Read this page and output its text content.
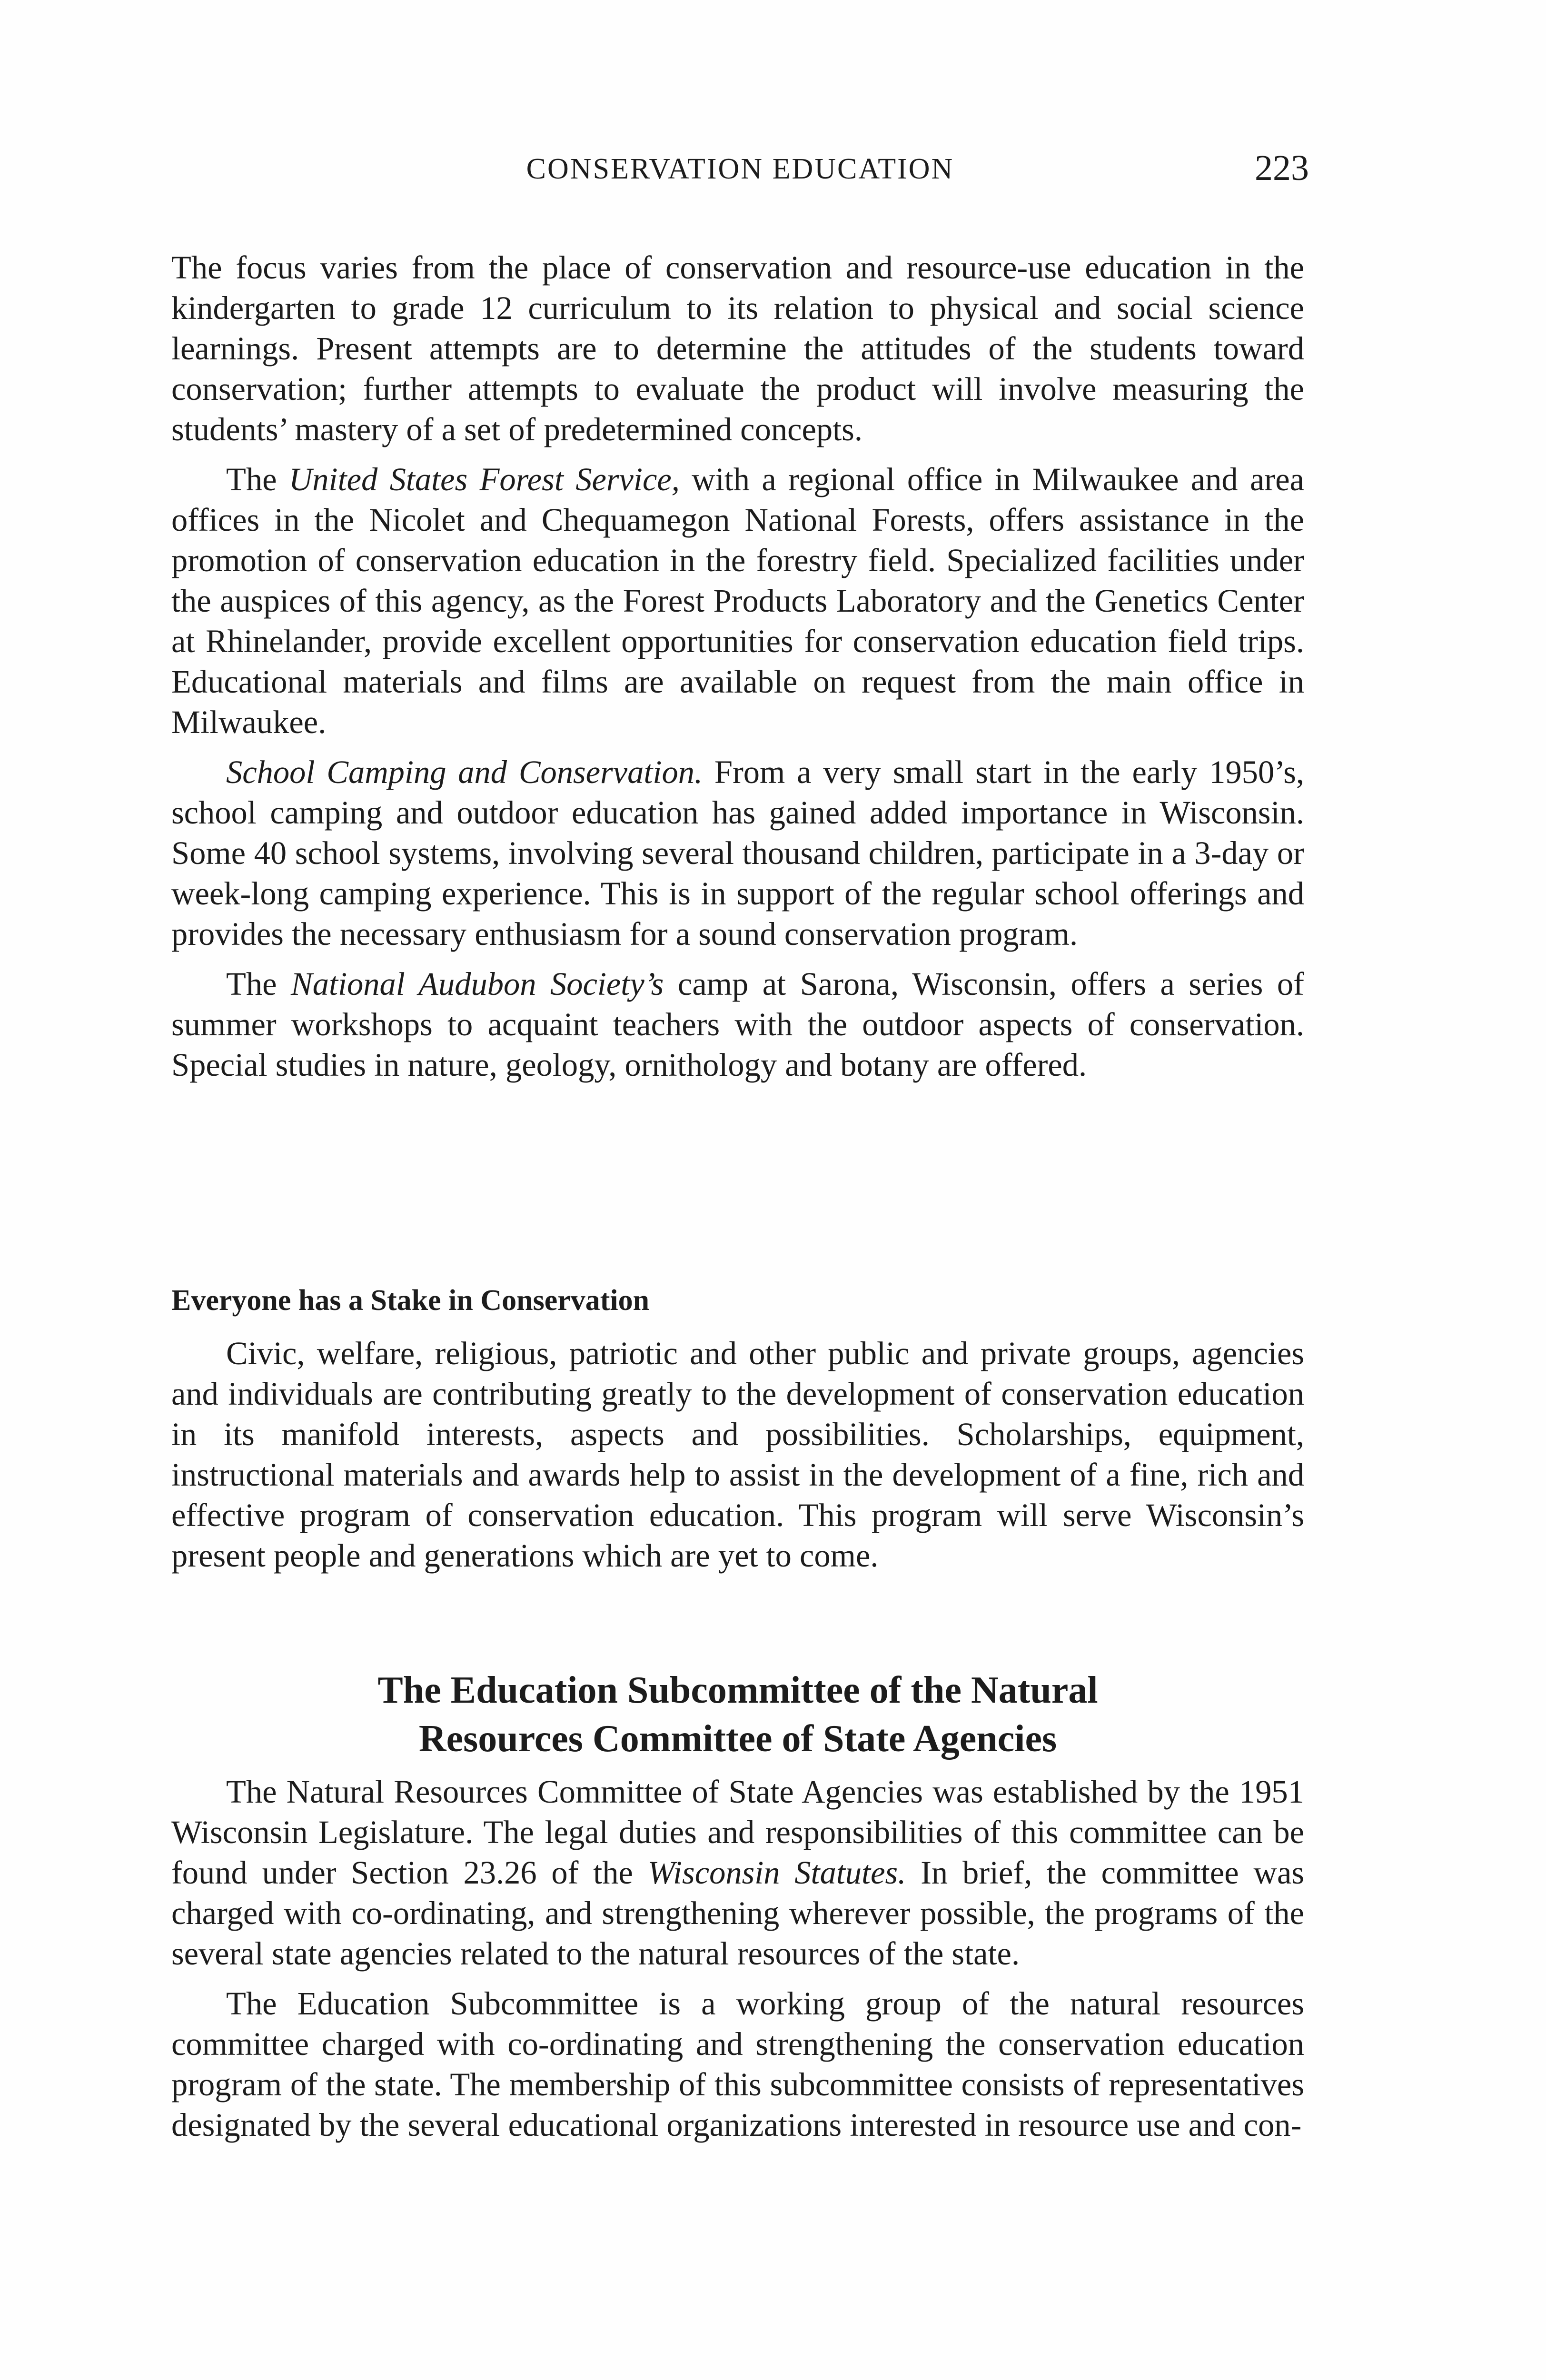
CONSERVATION EDUCATION	223

The focus varies from the place of conservation and resource-use education in the kindergarten to grade 12 curriculum to its relation to physical and social science learnings. Present attempts are to determine the attitudes of the students toward conservation; further attempts to evaluate the product will involve measuring the students’ mastery of a set of predetermined concepts.

The United States Forest Service, with a regional office in Milwaukee and area offices in the Nicolet and Chequamegon National Forests, offers assistance in the promotion of conservation education in the forestry field. Specialized facilities under the auspices of this agency, as the Forest Products Laboratory and the Genetics Center at Rhinelander, provide excellent opportunities for conservation education field trips. Educational materials and films are available on request from the main office in Milwaukee.

School Camping and Conservation. From a very small start in the early 1950’s, school camping and outdoor education has gained added importance in Wisconsin. Some 40 school systems, involving several thousand children, participate in a 3-day or week-long camping experience. This is in support of the regular school offerings and provides the necessary enthusiasm for a sound conservation program.

The National Audubon Society’s camp at Sarona, Wisconsin, offers a series of summer workshops to acquaint teachers with the outdoor aspects of conservation. Special studies in nature, geology, ornithology and botany are offered.

Everyone has a Stake in Conservation

Civic, welfare, religious, patriotic and other public and private groups, agencies and individuals are contributing greatly to the development of conservation education in its manifold interests, aspects and possibilities. Scholarships, equipment, instructional materials and awards help to assist in the development of a fine, rich and effective program of conservation education. This program will serve Wisconsin’s present people and generations which are yet to come.

The Education Subcommittee of the Natural
Resources Committee of State Agencies

The Natural Resources Committee of State Agencies was established by the 1951 Wisconsin Legislature. The legal duties and responsibilities of this committee can be found under Section 23.26 of the Wisconsin Statutes. In brief, the committee was charged with co-ordinating, and strengthening wherever possible, the programs of the several state agencies related to the natural resources of the state.

The Education Subcommittee is a working group of the natural resources committee charged with co-ordinating and strengthening the conservation education program of the state. The membership of this subcommittee consists of representatives designated by the several educational organizations interested in resource use and con-
